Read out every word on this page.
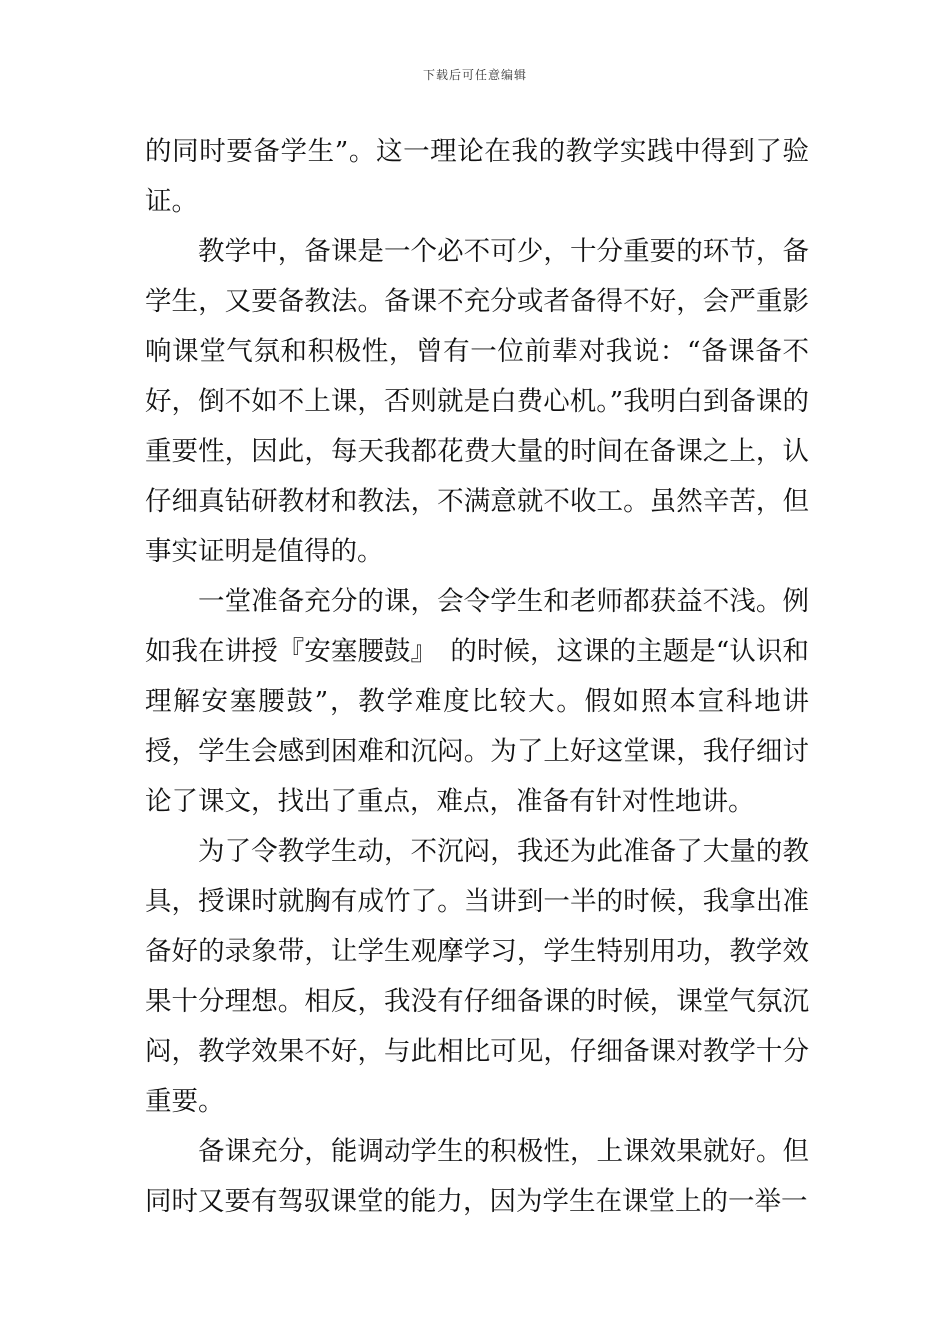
下载后可任意编辑

的同时要备学生”。这一理论在我的教学实践中得到了验证。

教学中，备课是一个必不可少，十分重要的环节，备学生，又要备教法。备课不充分或者备得不好，会严重影响课堂气氛和积极性，曾有一位前辈对我说：“备课备不好，倒不如不上课，否则就是白费心机。”我明白到备课的重要性，因此，每天我都花费大量的时间在备课之上，认仔细真钻研教材和教法，不满意就不收工。虽然辛苦，但事实证明是值得的。

一堂准备充分的课，会令学生和老师都获益不浅。例如我在讲授『安塞腰鼓』　的时候，这课的主题是“认识和理解安塞腰鼓”，教学难度比较大。假如照本宣科地讲授，学生会感到困难和沉闷。为了上好这堂课，我仔细讨论了课文，找出了重点，难点，准备有针对性地讲。

为了令教学生动，不沉闷，我还为此准备了大量的教具，授课时就胸有成竹了。当讲到一半的时候，我拿出准备好的录象带，让学生观摩学习，学生特别用功，教学效果十分理想。相反，我没有仔细备课的时候，课堂气氛沉闷，教学效果不好，与此相比可见，仔细备课对教学十分重要。

备课充分，能调动学生的积极性，上课效果就好。但同时又要有驾驭课堂的能力，因为学生在课堂上的一举一
